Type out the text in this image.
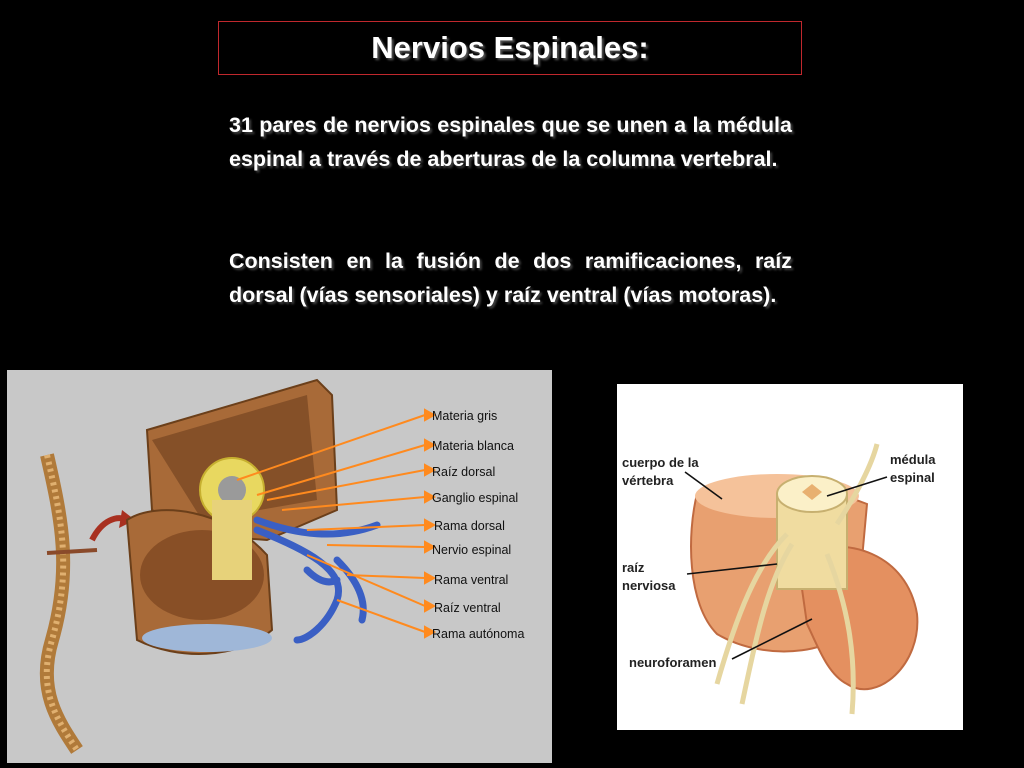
Nervios Espinales:
31 pares de nervios espinales que se unen a la médula espinal a través de aberturas de la columna vertebral.
Consisten en la fusión de dos ramificaciones, raíz dorsal (vías sensoriales) y raíz ventral (vías motoras).
Materia gris
Materia blanca
Raíz dorsal
Ganglio espinal
Rama dorsal
Nervio espinal
Rama ventral
Raíz ventral
Rama autónoma
cuerpo de la
vértebra
médula
espinal
raíz
nerviosa
neuroforamen
